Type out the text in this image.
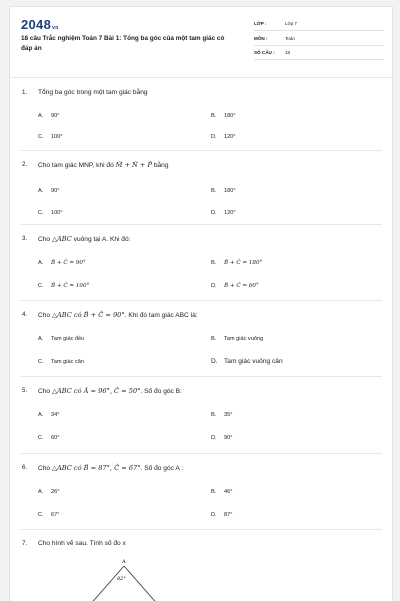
2048vn
18 câu Trắc nghiệm Toán 7 Bài 1: Tổng ba góc của một tam giác có đáp án
LỚP :	Lớp 7
MÔN :	Toán
SỐ CÂU : 18
1. Tổng ba góc trong một tam giác bằng
A. 90°	B. 180°
C. 100°	D. 120°
2. Cho tam giác MNP, khi đó M̂ + N̂ + P̂ bằng
A. 90°	B. 180°
C. 100°	D. 120°
3. Cho △ABC vuông tại A. Khi đó:
A. B̂ + Ĉ = 90°	B. B̂ + Ĉ = 180°
C. B̂ + Ĉ = 100°	D. B̂ + Ĉ = 60°
4. Cho △ABC có B̂ + Ĉ = 90°. Khi đó tam giác ABC là:
A. Tam giác đều	B. Tam giác vuông
C. Tam giác cân	D. Tam giác vuông cân
5. Cho △ABC có Â = 96°, Ĉ = 50°. Số đo góc B:
A. 34°	B. 35°
C. 60°	D. 90°
6. Cho △ABC có B̂ = 87°, Ĉ = 67°. Số đo góc A :
A. 26°	B. 46°
C. 67°	D. 87°
7. Cho hình vẽ sau. Tính số đo x
A
82°
